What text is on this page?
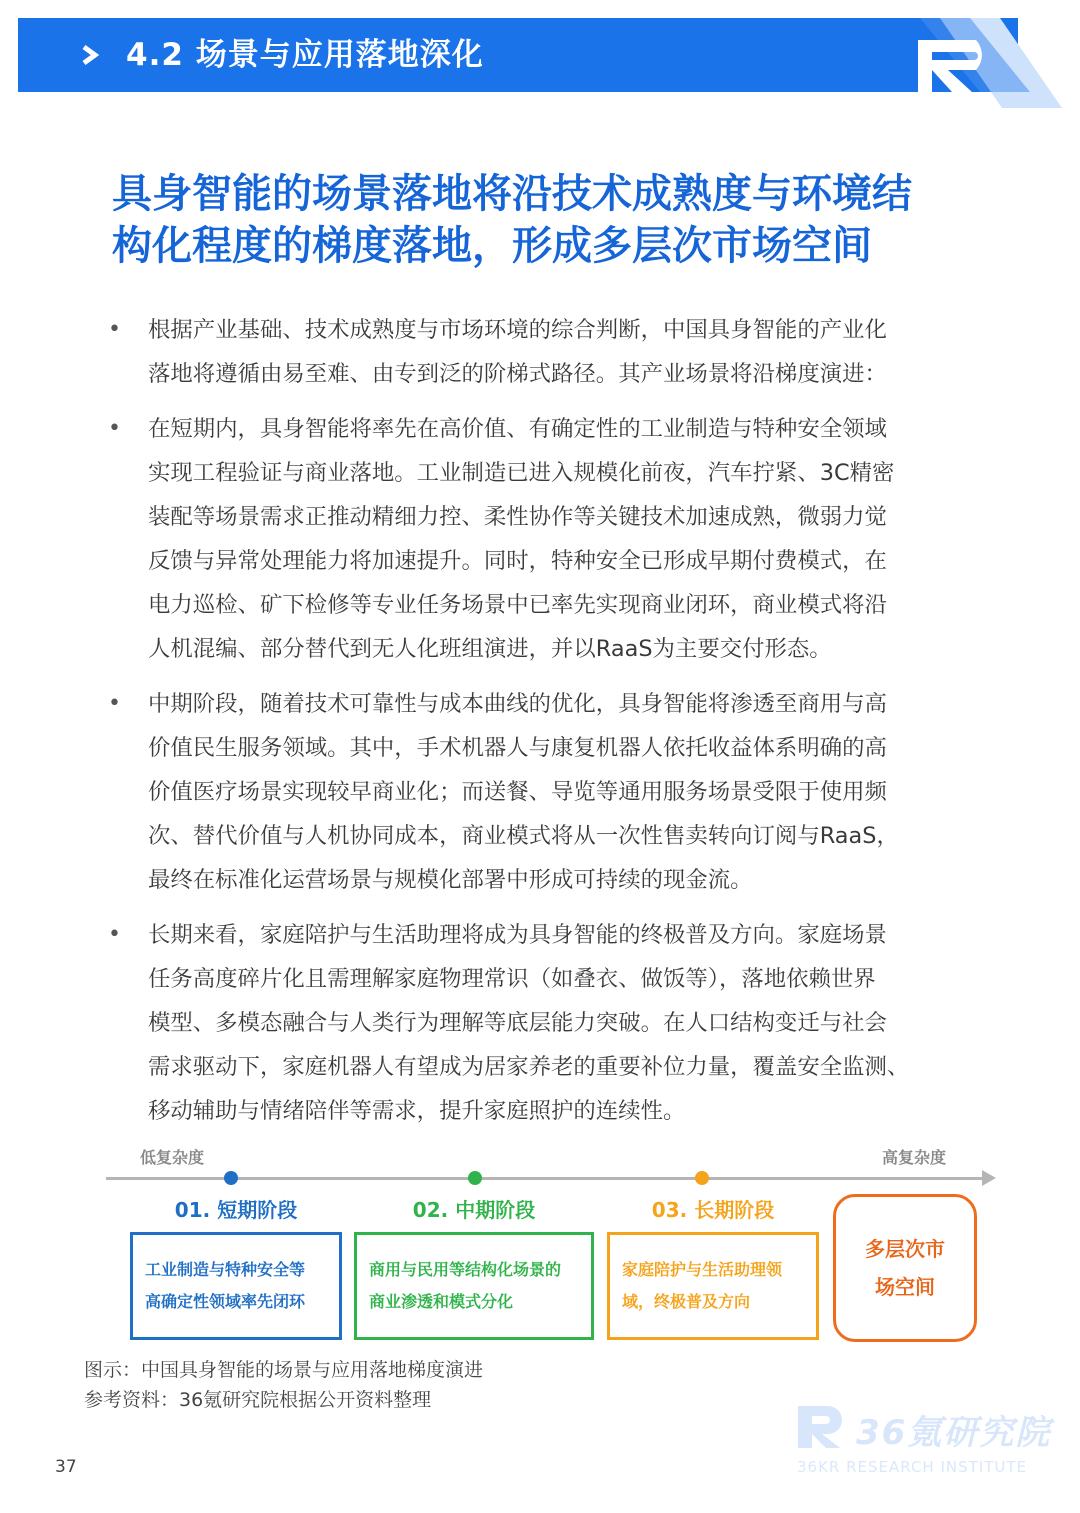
4.2 场景与应用落地深化
具身智能的场景落地将沿技术成熟度与环境结
构化程度的梯度落地，形成多层次市场空间
•	根据产业基础、技术成熟度与市场环境的综合判断，中国具身智能的产业化
落地将遵循由易至难、由专到泛的阶梯式路径。其产业场景将沿梯度演进：
•	在短期内，具身智能将率先在高价值、有确定性的工业制造与特种安全领域
实现工程验证与商业落地。工业制造已进入规模化前夜，汽车拧紧、3C精密
装配等场景需求正推动精细力控、柔性协作等关键技术加速成熟，微弱力觉
反馈与异常处理能力将加速提升。同时，特种安全已形成早期付费模式，在
电力巡检、矿下检修等专业任务场景中已率先实现商业闭环，商业模式将沿
人机混编、部分替代到无人化班组演进，并以RaaS为主要交付形态。
•	中期阶段，随着技术可靠性与成本曲线的优化，具身智能将渗透至商用与高
价值民生服务领域。其中，手术机器人与康复机器人依托收益体系明确的高
价值医疗场景实现较早商业化；而送餐、导览等通用服务场景受限于使用频
次、替代价值与人机协同成本，商业模式将从一次性售卖转向订阅与RaaS，
最终在标准化运营场景与规模化部署中形成可持续的现金流。
•	长期来看，家庭陪护与生活助理将成为具身智能的终极普及方向。家庭场景
任务高度碎片化且需理解家庭物理常识（如叠衣、做饭等），落地依赖世界
模型、多模态融合与人类行为理解等底层能力突破。在人口结构变迁与社会
需求驱动下，家庭机器人有望成为居家养老的重要补位力量，覆盖安全监测、
移动辅助与情绪陪伴等需求，提升家庭照护的连续性。
低复杂度	高复杂度
01. 短期阶段	02. 中期阶段	03. 长期阶段
工业制造与特种安全等
高确定性领域率先闭环
商用与民用等结构化场景的
商业渗透和模式分化
家庭陪护与生活助理领
域，终极普及方向
多层次市
场空间
图示：中国具身智能的场景与应用落地梯度演进
参考资料：36氪研究院根据公开资料整理
37
36氪研究院
36KR RESEARCH INSTITUTE
